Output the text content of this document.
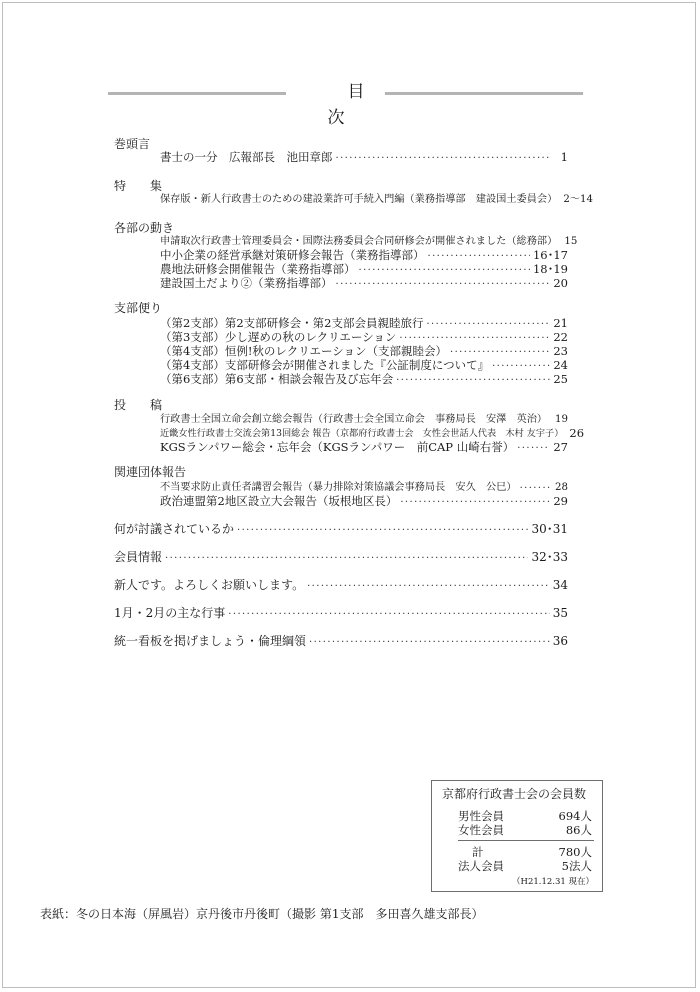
目　次
巻頭言
書士の一分　広報部長　池田章郎 ·····	1
特　　集
保存版・新人行政書士のための建設業許可手続入門編（業務指導部　建設国土委員会） 2〜14
各部の動き
申請取次行政書士管理委員会・国際法務委員会合同研修会が開催されました（総務部） 15
中小企業の経営承継対策研修会報告（業務指導部） ·····	16･17
農地法研修会開催報告（業務指導部） ·····	18･19
建設国土だより②（業務指導部） ·····	20
支部便り
（第2支部）第2支部研修会・第2支部会員親睦旅行 ·····	21
（第3支部）少し遅めの秋のレクリエーション ·····	22
（第4支部）恒例!秋のレクリエーション（支部親睦会） ·····	23
（第4支部）支部研修会が開催されました『公証制度について』 ·····	24
（第6支部）第6支部・相談会報告及び忘年会 ·····	25
投　　稿
行政書士全国立命会創立総会報告（行政書士会全国立命会　事務局長　安澤　英治） ····· 19
近畿女性行政書士交流会第13回総会 報告（京都府行政書士会　女性会世話人代表　木村 友宇子） 26
KGSランパワー総会・忘年会（KGSランパワー　前CAP 山崎右誉） ·····	27
関連団体報告
不当要求防止責任者講習会報告（暴力排除対策協議会事務局長　安久　公巳） ·····	28
政治連盟第2地区設立大会報告（坂根地区長） ·····	29
何が討議されているか ·····	30･31
会員情報 ·····	32･33
新人です。よろしくお願いします。 ·····	34
1月・2月の主な行事 ·····	35
統一看板を掲げましょう・倫理綱領 ·····	36
京都府行政書士会の会員数
男性会員	694人
女性会員	86人
計	780人
法人会員	5法人
（H21.12.31 現在）
表紙：冬の日本海（屏風岩）京丹後市丹後町（撮影 第1支部　多田喜久雄支部長）
